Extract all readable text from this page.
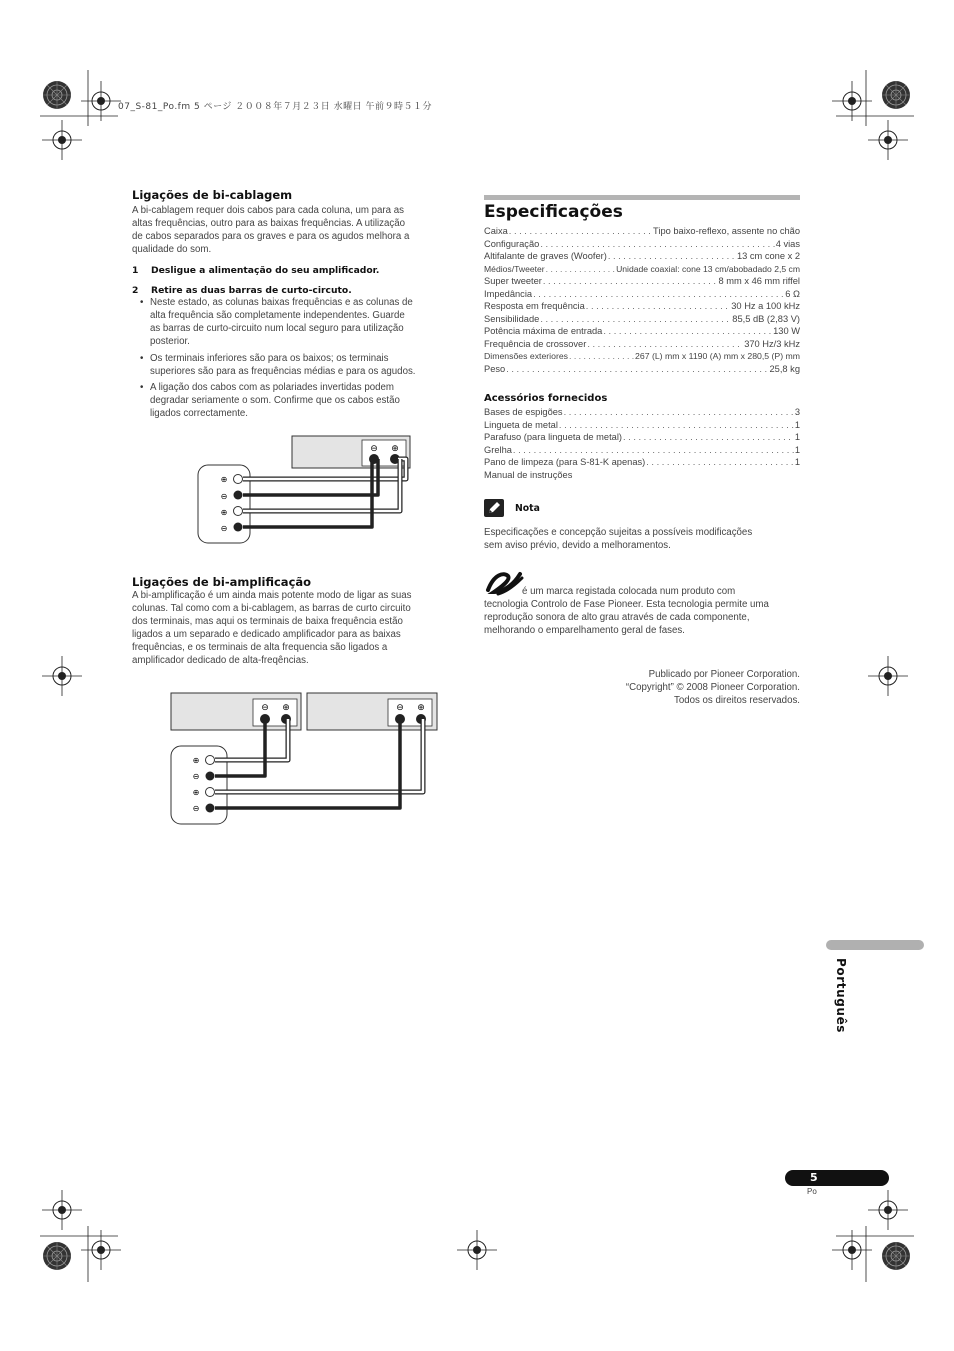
07_S-81_Po.fm 5 ページ ２００８年７月２３日 水曜日 午前９時５１分
Ligações de bi-cablagem
A bi-cablagem requer dois cabos para cada coluna, um para as
altas frequências, outro para as baixas frequências. A utilização
de cabos separados para os graves e para os agudos melhora a
qualidade do som.
1 Desligue a alimentação do seu amplificador.
2 Retire as duas barras de curto-circuto.
• Neste estado, as colunas baixas frequências e as colunas de
alta frequência são completamente independentes. Guarde
as barras de curto-circuito num local seguro para utilização
posterior.
• Os terminais inferiores são para os baixos; os terminais
superiores são para as frequências médias e para os agudos.
• A ligação dos cabos com as polariades invertidas podem
degradar seriamente o som. Confirme que os cabos estão
ligados correctamente.
⊖ ⊕
⊕
⊖
⊕
⊖
Ligações de bi-amplificação
A bi-amplificação é um ainda mais potente modo de ligar as suas
colunas. Tal como com a bi-cablagem, as barras de curto circuito
dos terminais, mas aqui os terminais de baixa frequência estão
ligados a um separado e dedicado amplificador para as baixas
frequências, e os terminais de alta frequencia são ligados a
amplificador dedicado de alta-freqências.
⊖ ⊕	⊖ ⊕
⊕
⊖
⊕
⊖
Especificações
Caixa . . .	Tipo baixo-reflexo, assente no chão
Configuração . . .	4 vias
Altifalante de graves (Woofer) . . .	13 cm cone x 2
Médios/Tweeter . . .	Unidade coaxial: cone 13 cm/abobadado 2,5 cm
Super tweeter . . .	8 mm x 46 mm riffel
Impedância . . .	6 Ω
Resposta em frequência . . .	30 Hz a 100 kHz
Sensibilidade . . .	85,5 dB (2,83 V)
Potência máxima de entrada . . .	130 W
Frequência de crossover . . .	370 Hz/3 kHz
Dimensões exteriores . . .	267 (L) mm x 1190 (A) mm x 280,5 (P) mm
Peso . . .	25,8 kg
Acessórios fornecidos
Bases de espigões . . .	3
Lingueta de metal . . .	1
Parafuso (para lingueta de metal) . . .	1
Grelha . . .	1
Pano de limpeza (para S-81-K apenas) . . .	1
Manual de instruções
Nota
Especificações e concepção sujeitas a possíveis modificações
sem aviso prévio, devido a melhoramentos.
é um marca registada colocada num produto com
tecnologia Controlo de Fase Pioneer. Esta tecnologia permite uma
reprodução sonora de alto grau através de cada componente,
melhorando o emparelhamento geral de fases.
Publicado por Pioneer Corporation.
“Copyright” © 2008 Pioneer Corporation.
Todos os direitos reservados.
Português
5
Po
